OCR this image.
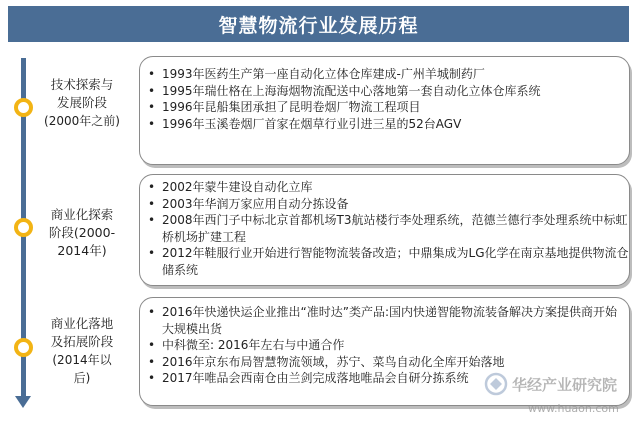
智慧物流行业发展历程
技术探索与
发展阶段
(2000年之前)
• 1993年医药生产第一座自动化立体仓库建成-广州羊城制药厂
• 1995年瑞仕格在上海海烟物流配送中心落地第一套自动化立体仓库系统
• 1996年昆船集团承担了昆明卷烟厂物流工程项目
• 1996年玉溪卷烟厂首家在烟草行业引进三星的52台AGV
商业化探索
阶段(2000-
2014年)
• 2002年蒙牛建设自动化立库
• 2003年华润万家应用自动分拣设备
• 2008年西门子中标北京首都机场T3航站楼行李处理系统，范德兰德行李处理系统中标虹桥机场扩建工程
• 2012年鞋服行业开始进行智能物流装备改造；中鼎集成为LG化学在南京基地提供物流仓储系统
商业化落地
及拓展阶段
(2014年以
后)
• 2016年快递快运企业推出“准时达”类产品:国内快递智能物流装备解决方案提供商开始大规模出货
• 中科微至: 2016年左右与中通合作
• 2016年京东布局智慧物流领域，苏宁、菜鸟自动化全库开始落地
• 2017年唯品会西南仓由兰剑完成落地唯品会自研分拣系统	华经产业研究院
www.huaon.com
